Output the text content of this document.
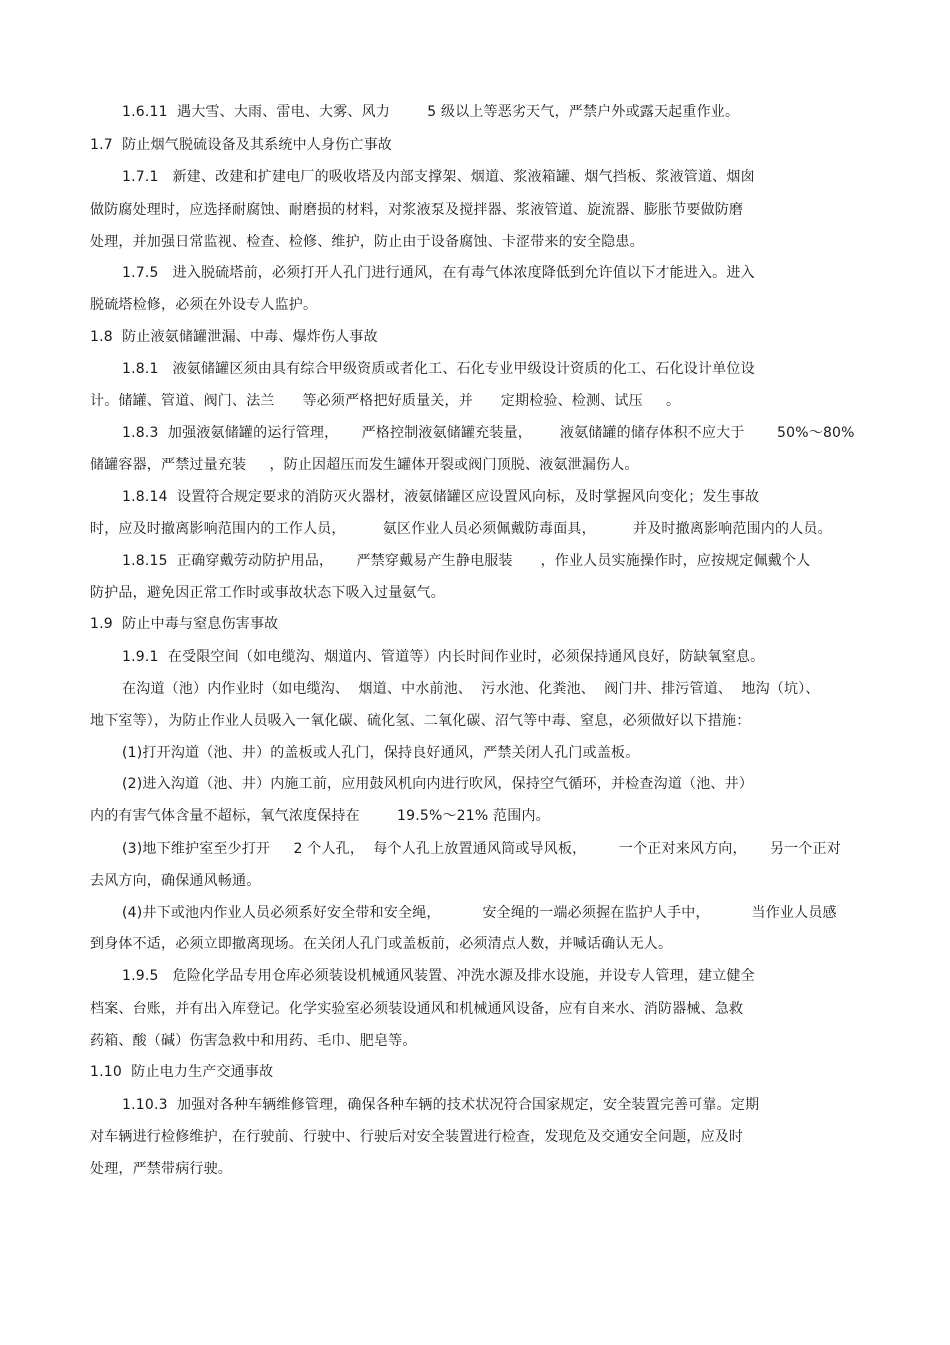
1.6.11  遇大雪、大雨、雷电、大雾、风力        5 级以上等恶劣天气，严禁户外或露天起重作业。
1.7  防止烟气脱硫设备及其系统中人身伤亡事故
1.7.1   新建、改建和扩建电厂的吸收塔及内部支撑架、烟道、浆液箱罐、烟气挡板、浆液管道、烟囱
做防腐处理时，应选择耐腐蚀、耐磨损的材料，对浆液泵及搅拌器、浆液管道、旋流器、膨胀节要做防磨
处理，并加强日常监视、检查、检修、维护，防止由于设备腐蚀、卡涩带来的安全隐患。
1.7.5   进入脱硫塔前，必须打开人孔门进行通风，在有毒气体浓度降低到允许值以下才能进入。进入
脱硫塔检修，必须在外设专人监护。
1.8  防止液氨储罐泄漏、中毒、爆炸伤人事故
1.8.1   液氨储罐区须由具有综合甲级资质或者化工、石化专业甲级设计资质的化工、石化设计单位设
计。储罐、管道、阀门、法兰      等必须严格把好质量关，并      定期检验、检测、试压     。
1.8.3  加强液氨储罐的运行管理，     严格控制液氨储罐充装量，      液氨储罐的储存体积不应大于       50%～80%
储罐容器，严禁过量充装     ，防止因超压而发生罐体开裂或阀门顶脱、液氨泄漏伤人。
1.8.14  设置符合规定要求的消防灭火器材，液氨储罐区应设置风向标，及时掌握风向变化；发生事故
时，应及时撤离影响范围内的工作人员，        氨区作业人员必须佩戴防毒面具，        并及时撤离影响范围内的人员。
1.8.15  正确穿戴劳动防护用品，     严禁穿戴易产生静电服装      ，作业人员实施操作时，应按规定佩戴个人
防护品，避免因正常工作时或事故状态下吸入过量氨气。
1.9  防止中毒与窒息伤害事故
1.9.1  在受限空间（如电缆沟、烟道内、管道等）内长时间作业时，必须保持通风良好，防缺氧窒息。
在沟道（池）内作业时（如电缆沟、  烟道、中水前池、  污水池、化粪池、  阀门井、排污管道、  地沟（坑）、
地下室等），为防止作业人员吸入一氧化碳、硫化氢、二氧化碳、沼气等中毒、窒息，必须做好以下措施：
(1)打开沟道（池、井）的盖板或人孔门，保持良好通风，严禁关闭人孔门或盖板。
(2)进入沟道（池、井）内施工前，应用鼓风机向内进行吹风，保持空气循环，并检查沟道（池、井）
内的有害气体含量不超标，氧气浓度保持在        19.5%～21% 范围内。
(3)地下维护室至少打开     2 个人孔，  每个人孔上放置通风筒或导风板，       一个正对来风方向，     另一个正对
去风方向，确保通风畅通。
(4)井下或池内作业人员必须系好安全带和安全绳，         安全绳的一端必须握在监护人手中，         当作业人员感
到身体不适，必须立即撤离现场。在关闭人孔门或盖板前，必须清点人数，并喊话确认无人。
1.9.5   危险化学品专用仓库必须装设机械通风装置、冲洗水源及排水设施，并设专人管理，建立健全
档案、台账，并有出入库登记。化学实验室必须装设通风和机械通风设备，应有自来水、消防器械、急救
药箱、酸（碱）伤害急救中和用药、毛巾、肥皂等。
1.10  防止电力生产交通事故
1.10.3  加强对各种车辆维修管理，确保各种车辆的技术状况符合国家规定，安全装置完善可靠。定期
对车辆进行检修维护，在行驶前、行驶中、行驶后对安全装置进行检查，发现危及交通安全问题，应及时
处理，严禁带病行驶。
